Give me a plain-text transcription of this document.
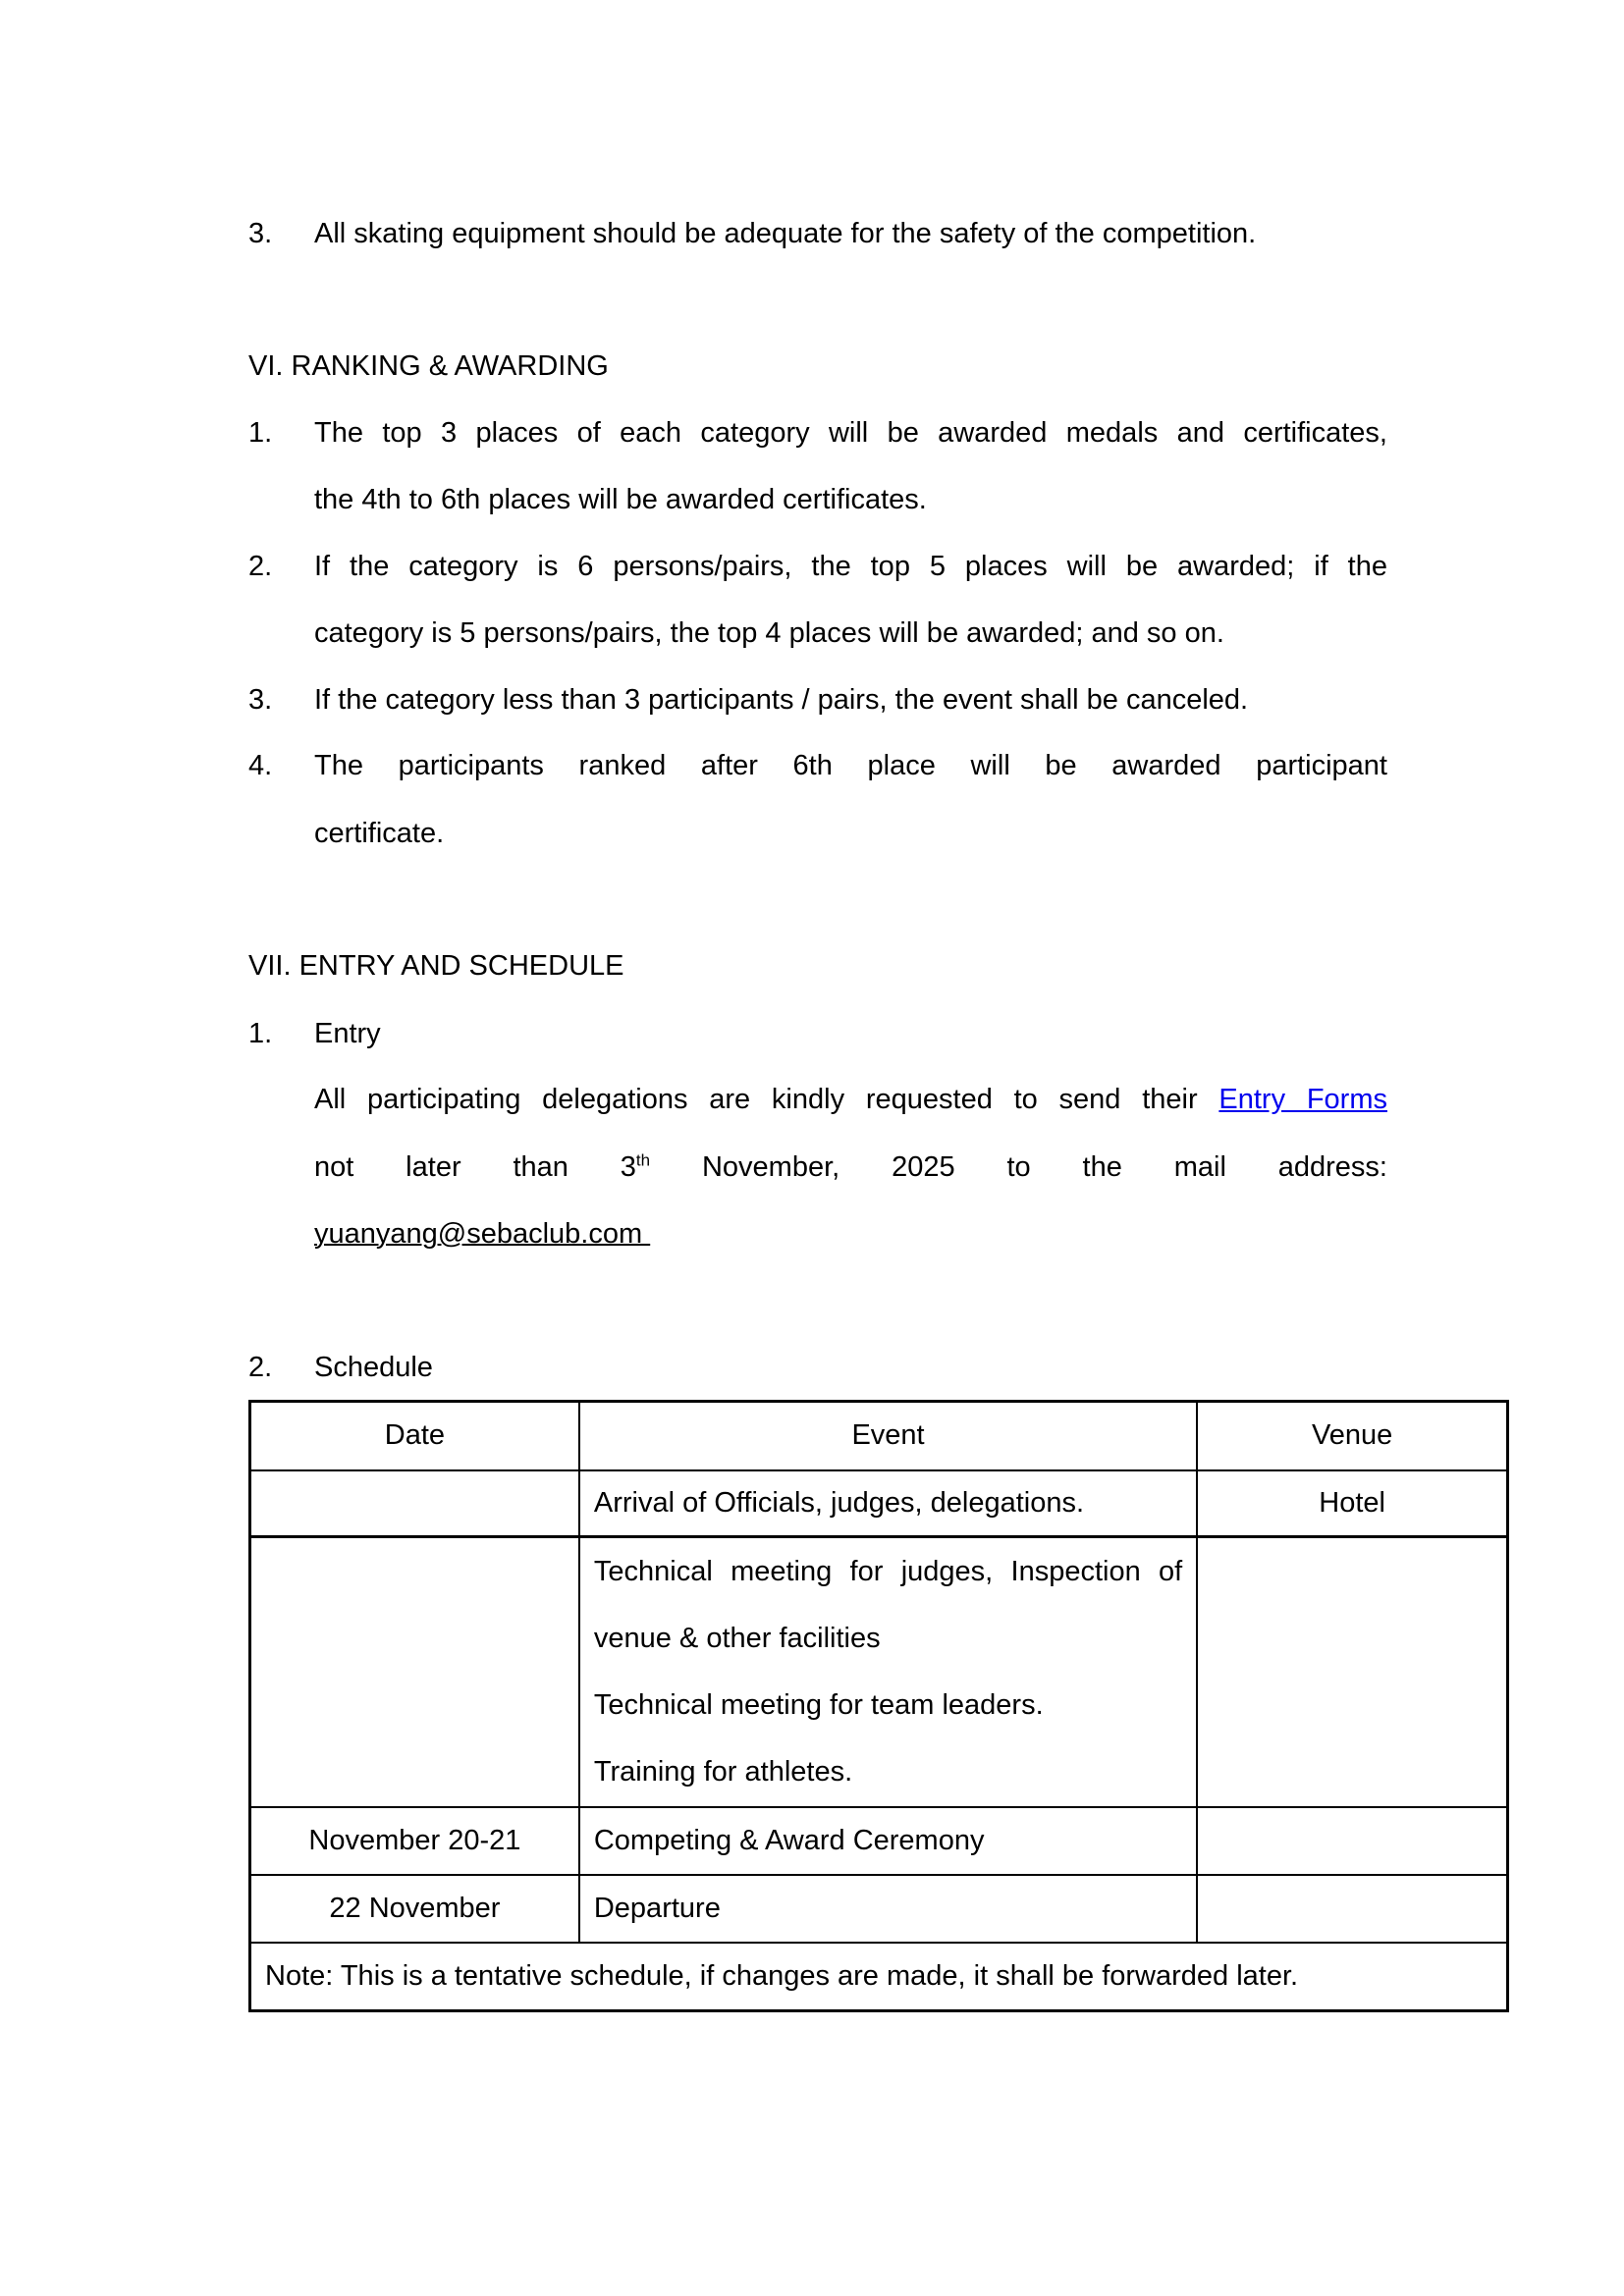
3. All skating equipment should be adequate for the safety of the competition.
VI. RANKING & AWARDING
1. The top 3 places of each category will be awarded medals and certificates,
the 4th to 6th places will be awarded certificates.
2. If the category is 6 persons/pairs, the top 5 places will be awarded; if the
category is 5 persons/pairs, the top 4 places will be awarded; and so on.
3. If the category less than 3 participants / pairs, the event shall be canceled.
4. The participants ranked after 6th place will be awarded participant
certificate.
VII. ENTRY AND SCHEDULE
1. Entry
All participating delegations are kindly requested to send their Entry Forms
not later than 3th November, 2025 to the mail address:
yuanyang@sebaclub.com
2. Schedule
Date	Event	Venue
	Arrival of Officials, judges, delegations.	Hotel

	Technical meeting for judges, Inspection of
venue & other facilities
Technical meeting for team leaders.
Training for athletes.	

November 20-21	Competing & Award Ceremony	
22 November	Departure	
Note: This is a tentative schedule, if changes are made, it shall be forwarded later.		
